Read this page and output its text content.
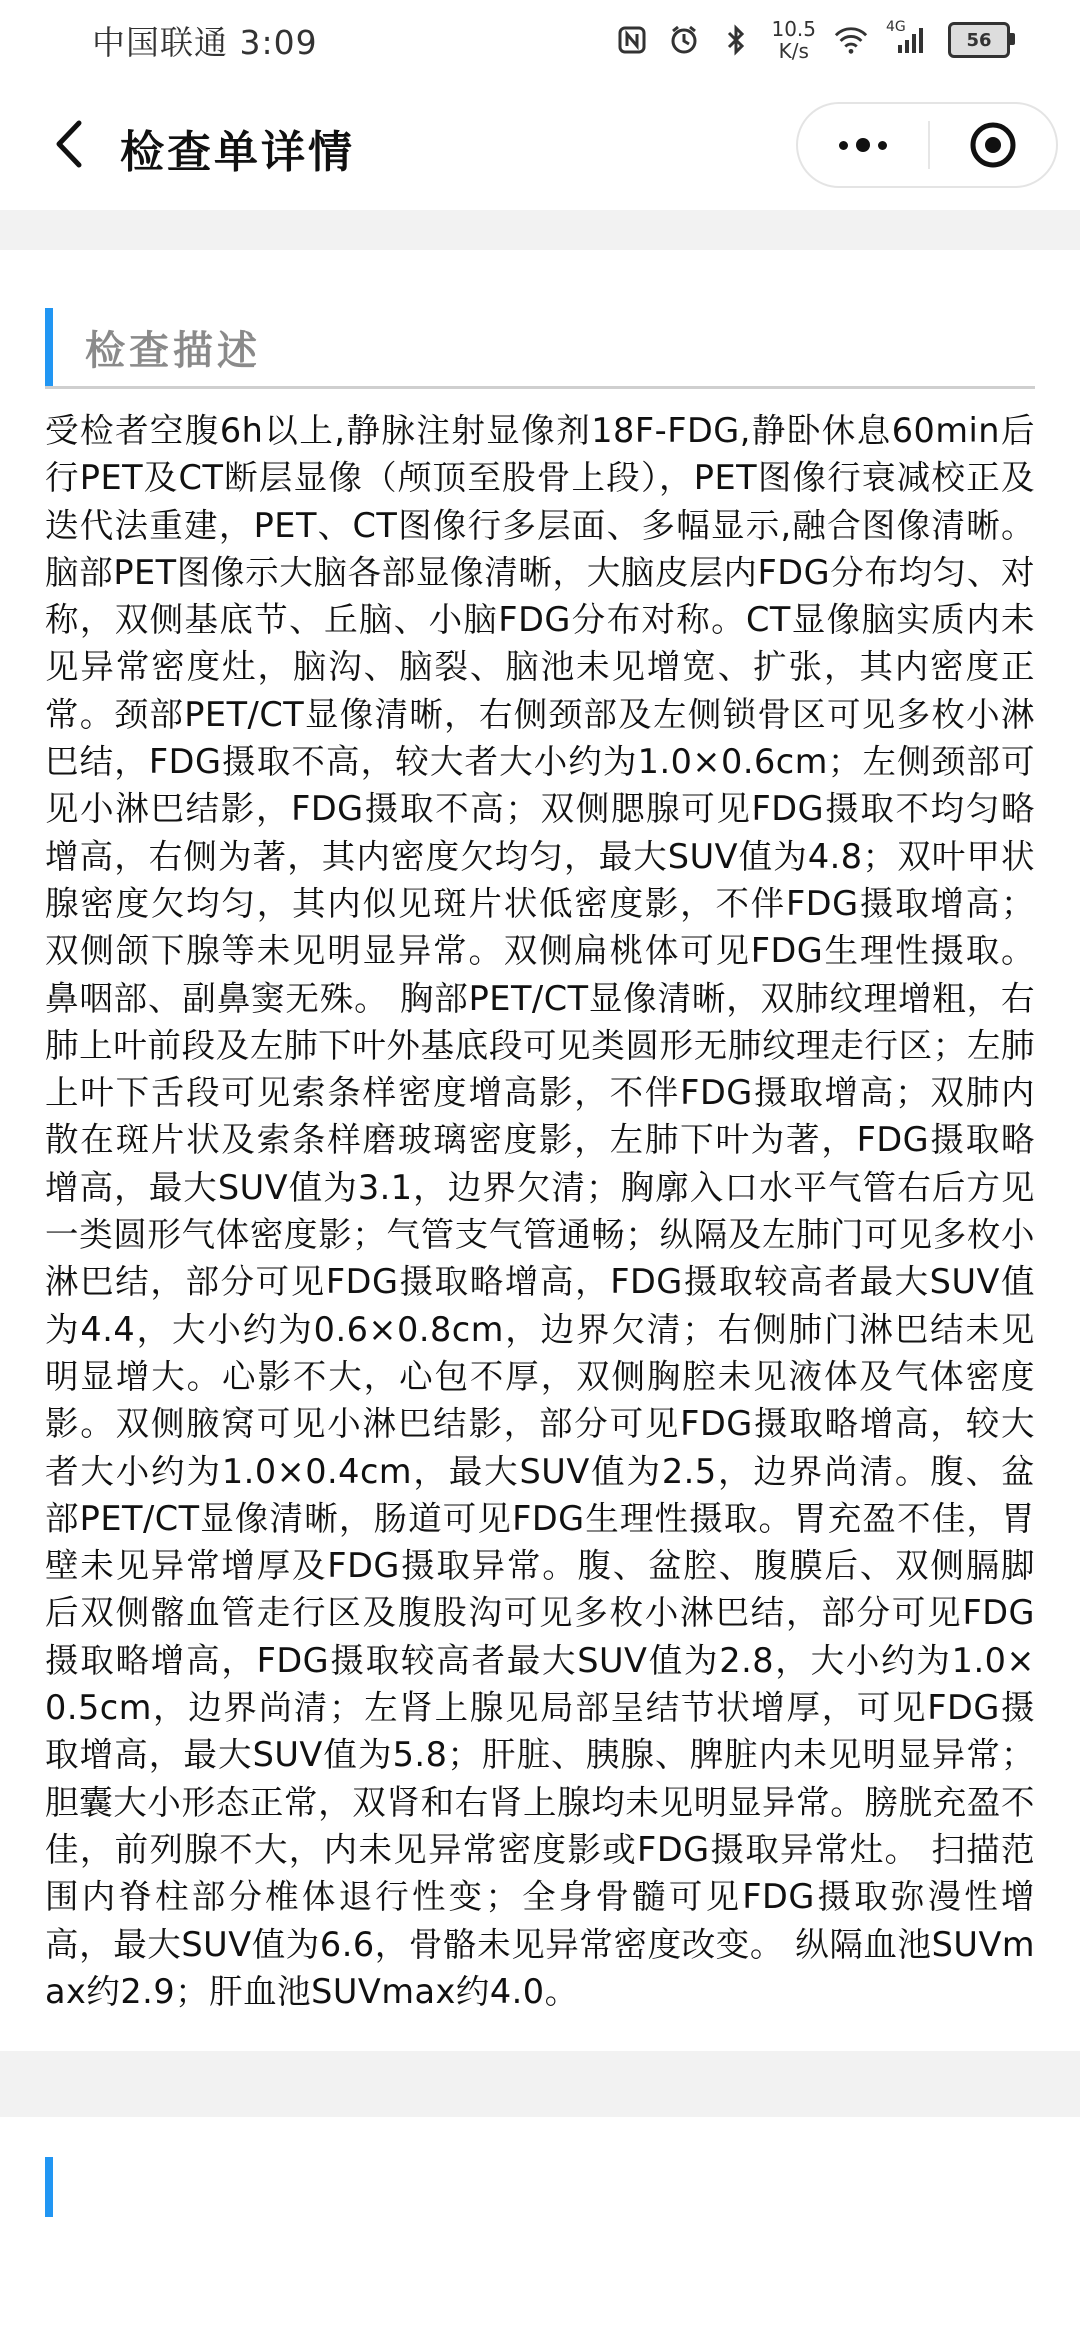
中国联通 3:09	10.5
K/s
4G
56
检查单详情
检查描述
受检者空腹6h以上,静脉注射显像剂18F-FDG,静卧休息60min后行PET及CT断层显像（颅顶至股骨上段），PET图像行衰减校正及迭代法重建，PET、CT图像行多层面、多幅显示,融合图像清晰。 脑部PET图像示大脑各部显像清晰，大脑皮层内FDG分布均匀、对称，双侧基底节、丘脑、小脑FDG分布对称。CT显像脑实质内未见异常密度灶，脑沟、脑裂、脑池未见增宽、扩张，其内密度正常。颈部PET/CT显像清晰，右侧颈部及左侧锁骨区可见多枚小淋巴结，FDG摄取不高，较大者大小约为1.0×0.6cm；左侧颈部可见小淋巴结影，FDG摄取不高；双侧腮腺可见FDG摄取不均匀略增高，右侧为著，其内密度欠均匀，最大SUV值为4.8；双叶甲状腺密度欠均匀，其内似见斑片状低密度影，不伴FDG摄取增高；双侧颌下腺等未见明显异常。双侧扁桃体可见FDG生理性摄取。鼻咽部、副鼻窦无殊。 胸部PET/CT显像清晰，双肺纹理增粗，右肺上叶前段及左肺下叶外基底段可见类圆形无肺纹理走行区；左肺上叶下舌段可见索条样密度增高影，不伴FDG摄取增高；双肺内散在斑片状及索条样磨玻璃密度影，左肺下叶为著，FDG摄取略增高，最大SUV值为3.1，边界欠清；胸廓入口水平气管右后方见一类圆形气体密度影；气管支气管通畅；纵隔及左肺门可见多枚小淋巴结，部分可见FDG摄取略增高，FDG摄取较高者最大SUV值为4.4，大小约为0.6×0.8cm，边界欠清；右侧肺门淋巴结未见明显增大。心影不大，心包不厚，双侧胸腔未见液体及气体密度影。双侧腋窝可见小淋巴结影，部分可见FDG摄取略增高，较大者大小约为1.0×0.4cm，最大SUV值为2.5，边界尚清。腹、盆部PET/CT显像清晰，肠道可见FDG生理性摄取。胃充盈不佳，胃壁未见异常增厚及FDG摄取异常。腹、盆腔、腹膜后、双侧膈脚后双侧髂血管走行区及腹股沟可见多枚小淋巴结，部分可见FDG摄取略增高，FDG摄取较高者最大SUV值为2.8，大小约为1.0×0.5cm，边界尚清；左肾上腺见局部呈结节状增厚，可见FDG摄取增高，最大SUV值为5.8；肝脏、胰腺、脾脏内未见明显异常；胆囊大小形态正常，双肾和右肾上腺均未见明显异常。膀胱充盈不佳，前列腺不大，内未见异常密度影或FDG摄取异常灶。 扫描范围内脊柱部分椎体退行性变；全身骨髓可见FDG摄取弥漫性增高，最大SUV值为6.6，骨骼未见异常密度改变。 纵隔血池SUVmax约2.9；肝血池SUVmax约4.0。
